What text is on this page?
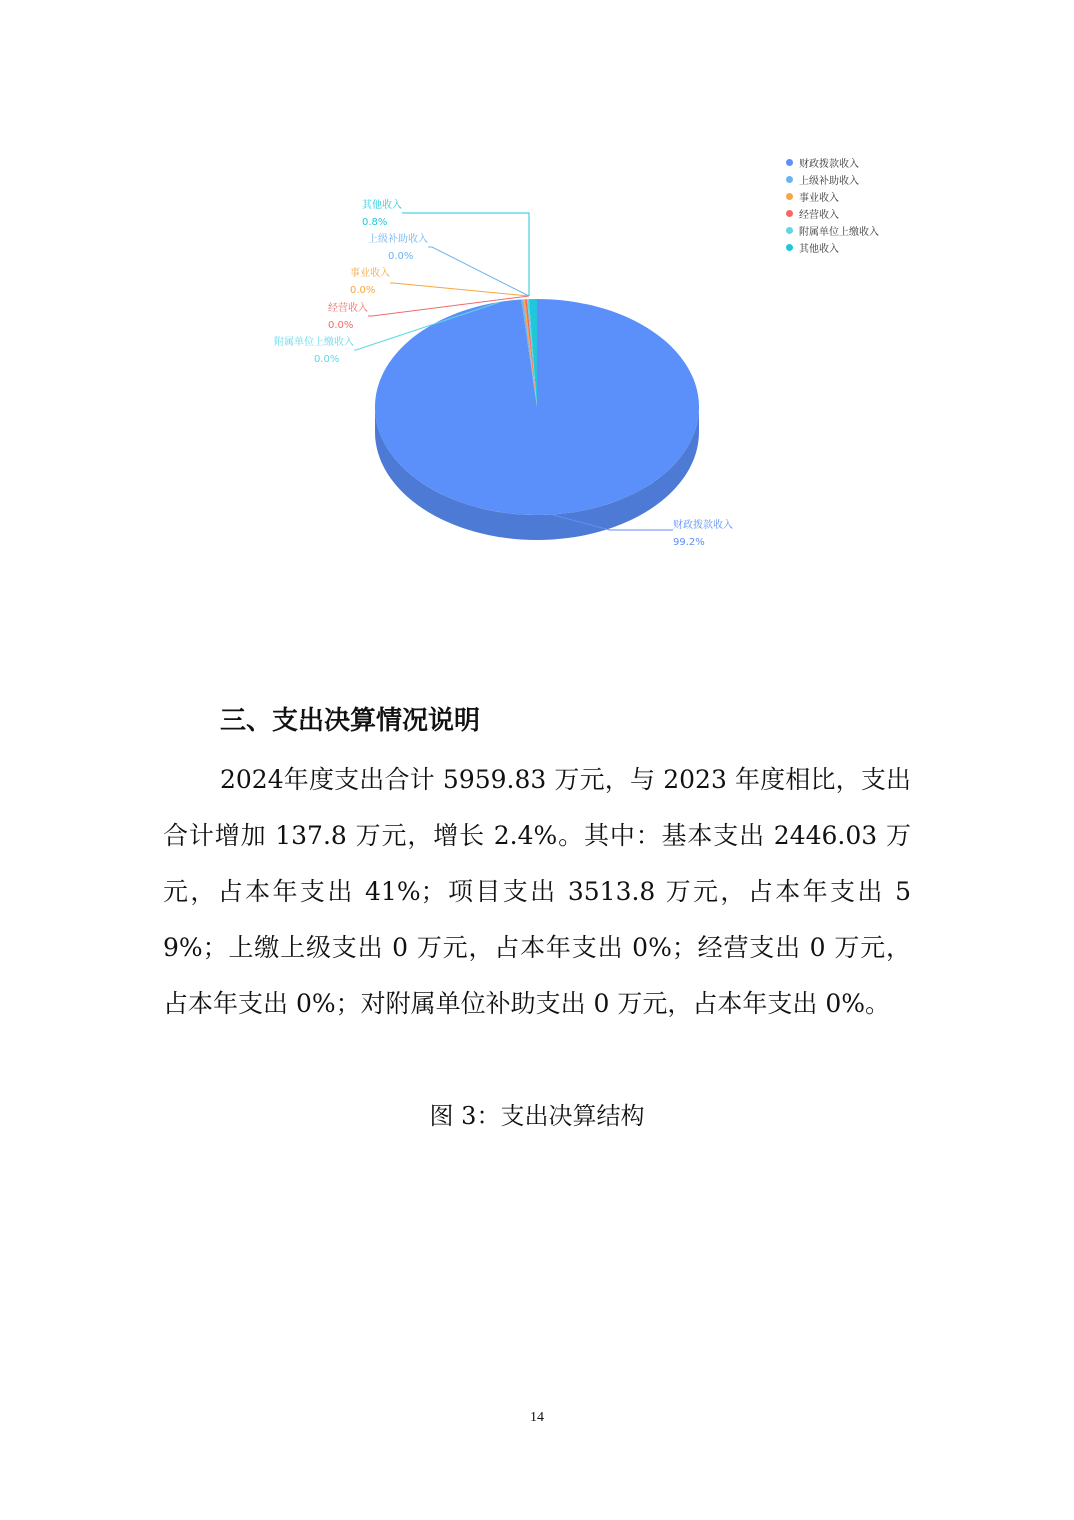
财政拨款收入
99.2%
上级补助收入
0.0%
事业收入
0.0%
经营收入
0.0%
附属单位上缴收入
0.0%
其他收入
0.8%
财政拨款收入
上级补助收入
事业收入
经营收入
附属单位上缴收入
其他收入
三、支出决算情况说明

2024年度支出合计 5959.83 万元，与 2023 年度相比，支出合计增加 137.8 万元，增长 2.4%。其中：基本支出 2446.03 万元，占本年支出 41%；项目支出 3513.8 万元，占本年支出 59%；上缴上级支出 0 万元，占本年支出 0%；经营支出 0 万元，占本年支出 0%；对附属单位补助支出 0 万元，占本年支出 0%。

图 3：支出决算结构

14
